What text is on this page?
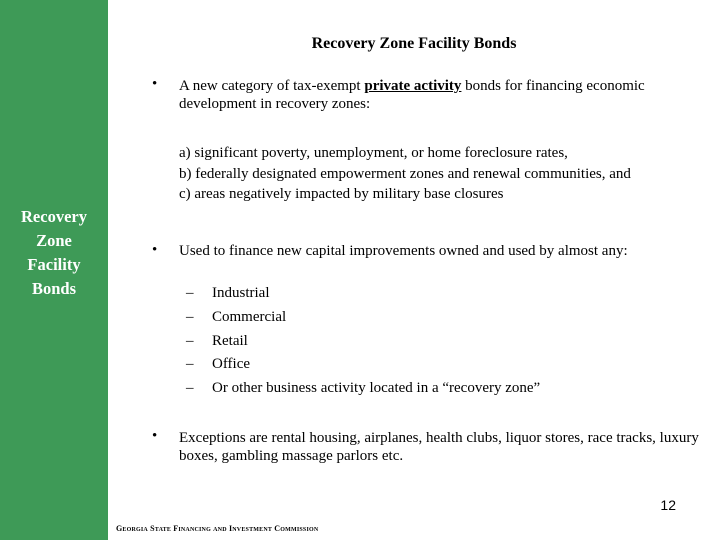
Recovery
Zone
Facility
Bonds
Recovery Zone Facility Bonds
• A new category of tax-exempt private activity bonds for financing economic development in recovery zones:
a) significant poverty, unemployment, or home foreclosure rates,
b) federally designated empowerment zones and renewal communities, and
c) areas negatively impacted by military base closures
• Used to finance new capital improvements owned and used by almost any:
– Industrial
– Commercial
– Retail
– Office
– Or other business activity located in a “recovery zone”
• Exceptions are rental housing, airplanes, health clubs, liquor stores, race tracks, luxury boxes, gambling massage parlors etc.
12
Georgia State Financing and Investment Commission
